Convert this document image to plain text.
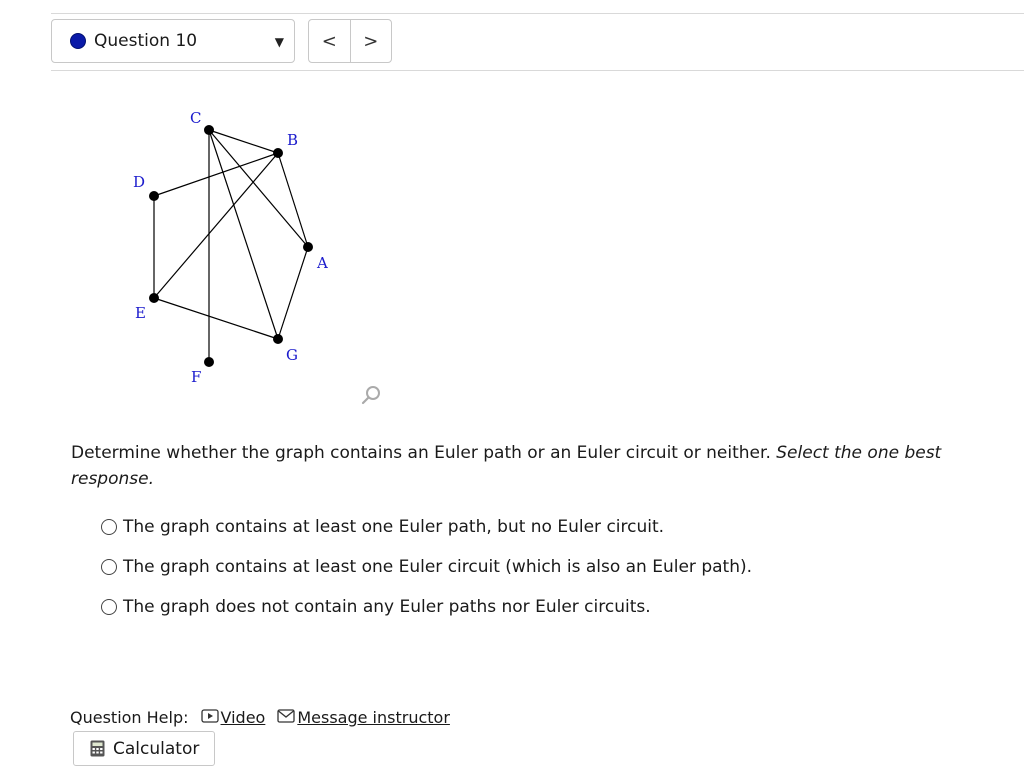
Question 10	▼	<	>
A
B
C
D
E
F
G
Determine whether the graph contains an Euler path or an Euler circuit or neither. Select the one best response.
The graph contains at least one Euler path, but no Euler circuit.
The graph contains at least one Euler circuit (which is also an Euler path).
The graph does not contain any Euler paths nor Euler circuits.
Question Help: Video Message instructor
Calculator
